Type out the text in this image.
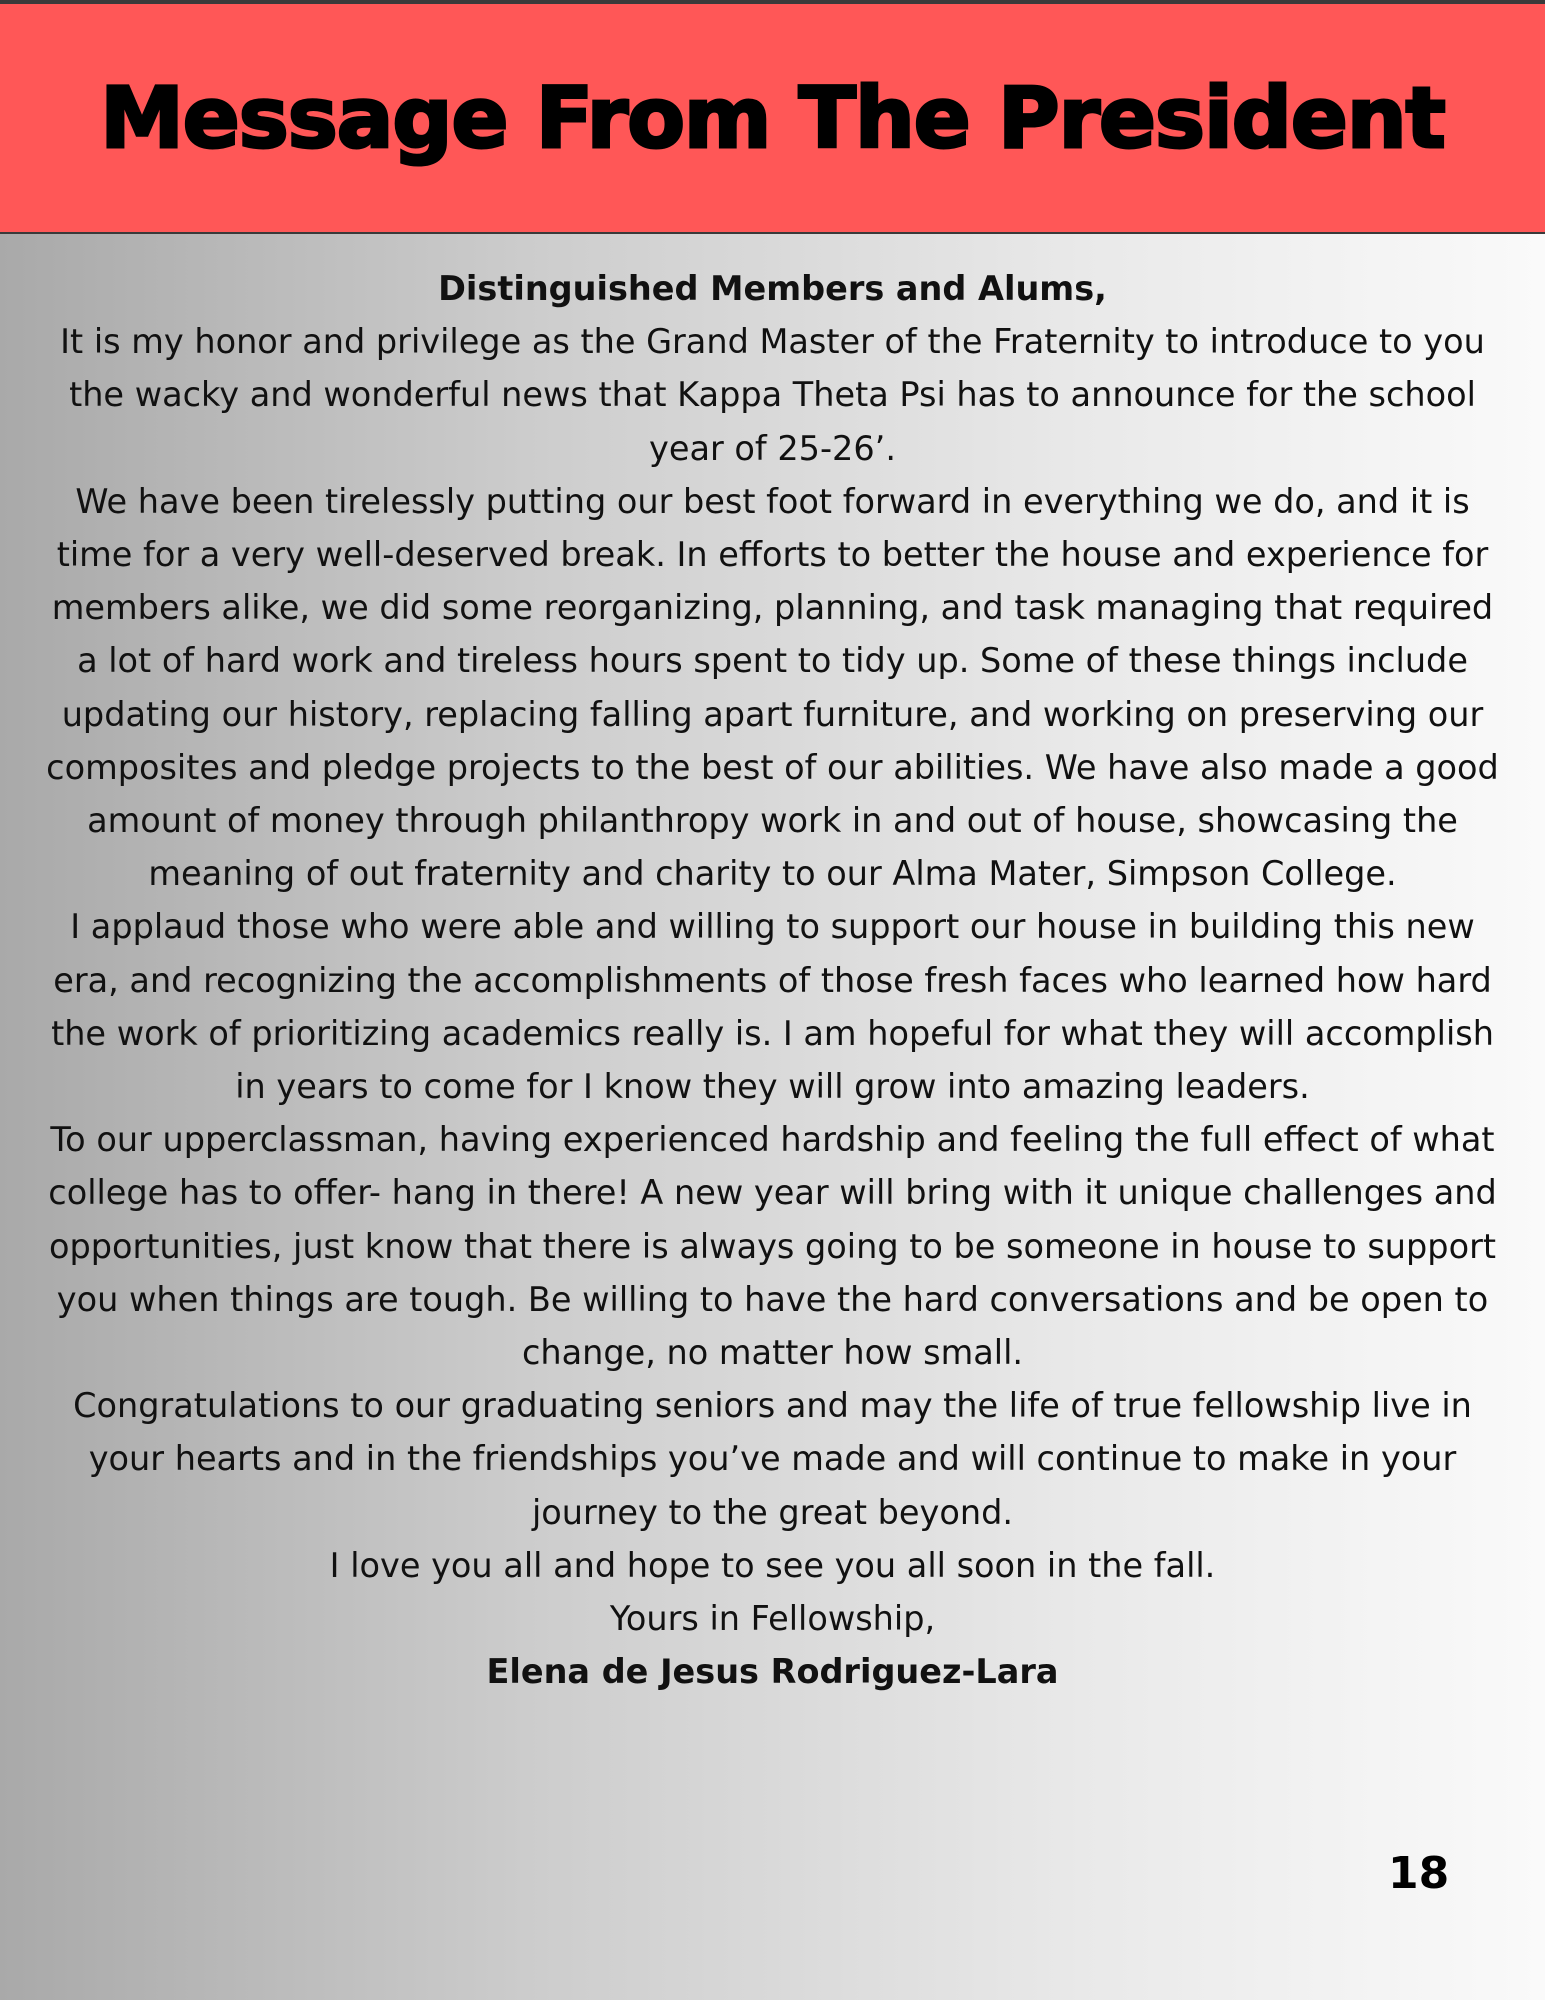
Message From The President

Distinguished Members and Alums,

It is my honor and privilege as the Grand Master of the Fraternity to introduce to you the wacky and wonderful news that Kappa Theta Psi has to announce for the school year of 25-26’.

We have been tirelessly putting our best foot forward in everything we do, and it is time for a very well-deserved break. In efforts to better the house and experience for members alike, we did some reorganizing, planning, and task managing that required a lot of hard work and tireless hours spent to tidy up. Some of these things include updating our history, replacing falling apart furniture, and working on preserving our composites and pledge projects to the best of our abilities. We have also made a good amount of money through philanthropy work in and out of house, showcasing the meaning of out fraternity and charity to our Alma Mater, Simpson College.

I applaud those who were able and willing to support our house in building this new era, and recognizing the accomplishments of those fresh faces who learned how hard the work of prioritizing academics really is. I am hopeful for what they will accomplish in years to come for I know they will grow into amazing leaders.

To our upperclassman, having experienced hardship and feeling the full effect of what college has to offer- hang in there! A new year will bring with it unique challenges and opportunities, just know that there is always going to be someone in house to support you when things are tough. Be willing to have the hard conversations and be open to change, no matter how small.

Congratulations to our graduating seniors and may the life of true fellowship live in your hearts and in the friendships you’ve made and will continue to make in your journey to the great beyond.

I love you all and hope to see you all soon in the fall.

Yours in Fellowship,

Elena de Jesus Rodriguez-Lara

18
